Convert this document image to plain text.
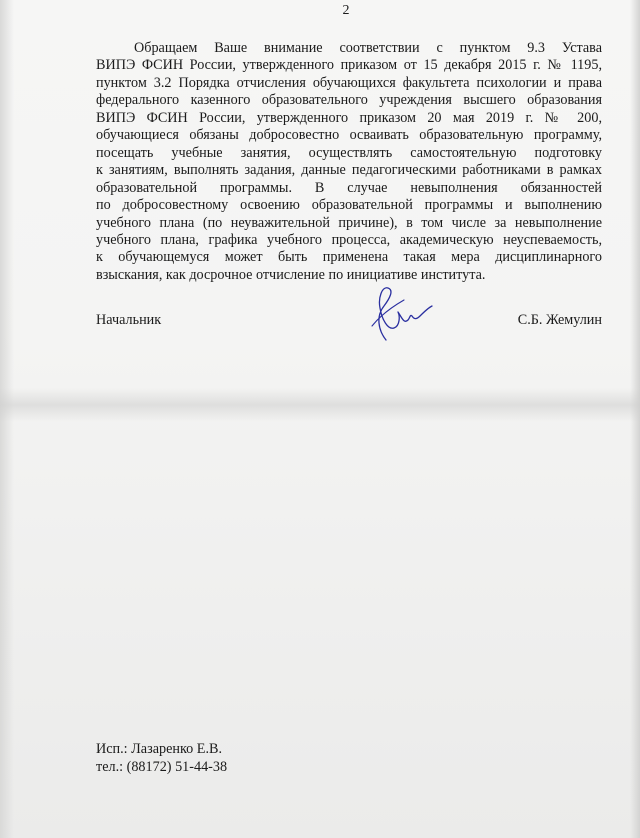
2
Обращаем Ваше внимание соответствии с пунктом 9.3 Устава
ВИПЭ ФСИН России, утвержденного приказом от 15 декабря 2015 г. № 1195,
пунктом 3.2 Порядка отчисления обучающихся факультета психологии и права
федерального казенного образовательного учреждения высшего образования
ВИПЭ ФСИН России, утвержденного приказом 20 мая 2019 г. № 200,
обучающиеся обязаны добросовестно осваивать образовательную программу,
посещать учебные занятия, осуществлять самостоятельную подготовку
к занятиям, выполнять задания, данные педагогическими работниками в рамках
образовательной программы. В случае невыполнения обязанностей
по добросовестному освоению образовательной программы и выполнению
учебного плана (по неуважительной причине), в том числе за невыполнение
учебного плана, графика учебного процесса, академическую неуспеваемость,
к обучающемуся может быть применена такая мера дисциплинарного
взыскания, как досрочное отчисление по инициативе института.
Начальник	С.Б. Жемулин
Исп.: Лазаренко Е.В.
тел.: (88172) 51-44-38
